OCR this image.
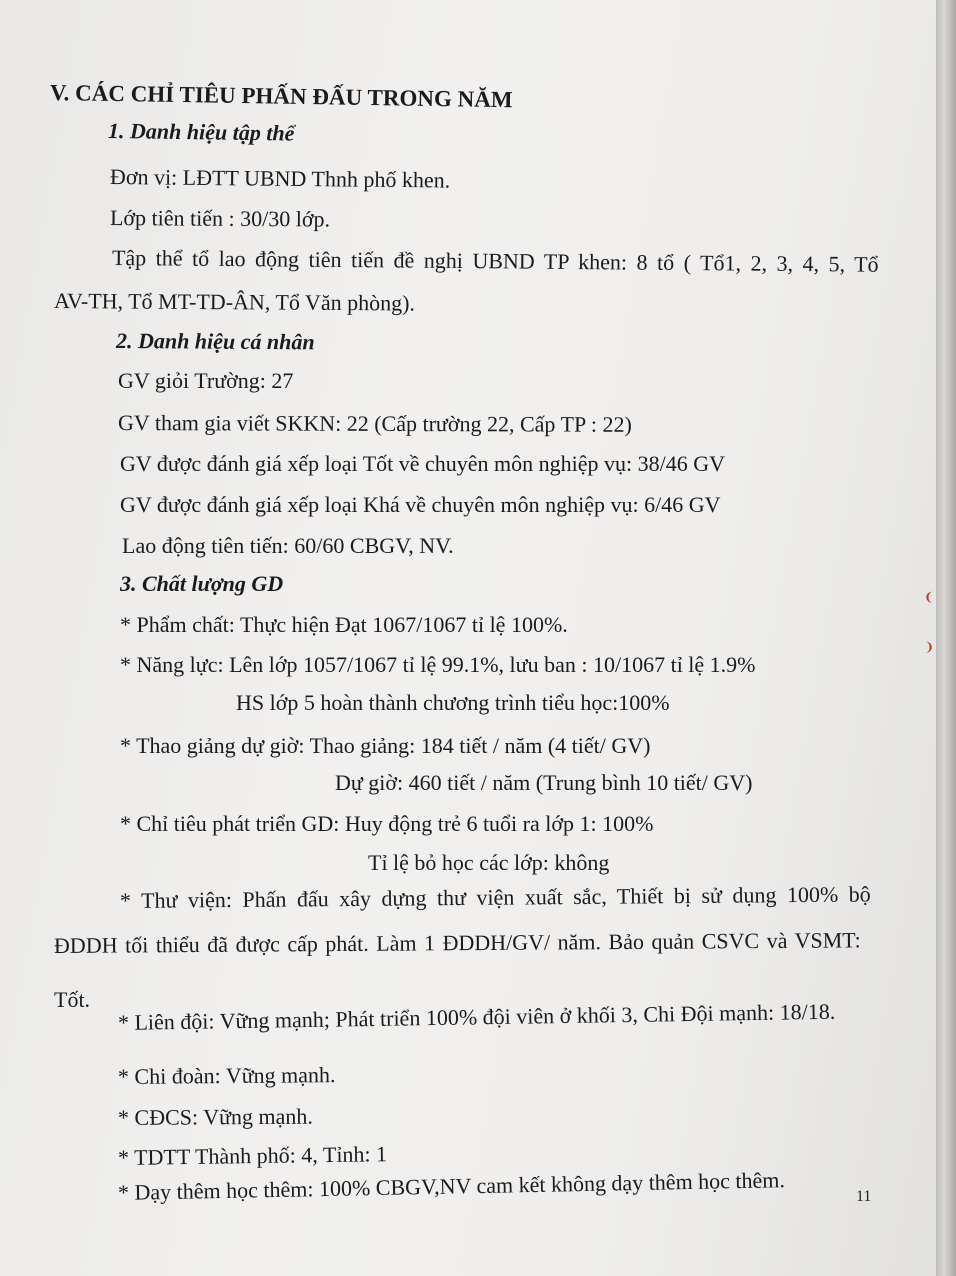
V. CÁC CHỈ TIÊU PHẤN ĐẤU TRONG NĂM
1. Danh hiệu tập thể
Đơn vị: LĐTT UBND Thnh phố khen.
Lớp tiên tiến : 30/30 lớp.
Tập thể tổ lao động tiên tiến đề nghị UBND TP khen: 8 tổ ( Tổ1, 2, 3, 4, 5, Tổ
AV-TH, Tổ MT-TD-ÂN, Tổ Văn phòng).
2. Danh hiệu cá nhân
GV giỏi Trường: 27
GV tham gia viết SKKN: 22 (Cấp trường 22, Cấp TP : 22)
GV được đánh giá xếp loại Tốt về chuyên môn nghiệp vụ: 38/46 GV
GV được đánh giá xếp loại Khá về chuyên môn nghiệp vụ: 6/46 GV
Lao động tiên tiến: 60/60 CBGV, NV.
3. Chất lượng GD
* Phẩm chất: Thực hiện Đạt 1067/1067 tỉ lệ 100%.
* Năng lực: Lên lớp 1057/1067 tỉ lệ 99.1%, lưu ban : 10/1067 tỉ lệ 1.9%
HS lớp 5 hoàn thành chương trình tiểu học:100%
* Thao giảng dự giờ: Thao giảng: 184 tiết / năm (4 tiết/ GV)
Dự giờ: 460 tiết / năm (Trung bình 10 tiết/ GV)
* Chỉ tiêu phát triển GD: Huy động trẻ 6 tuổi ra lớp 1: 100%
Tỉ lệ bỏ học các lớp: không
* Thư viện: Phấn đấu xây dựng thư viện xuất sắc, Thiết bị sử dụng 100% bộ
ĐDDH tối thiểu đã được cấp phát. Làm 1 ĐDDH/GV/ năm. Bảo quản CSVC và VSMT:
Tốt. * Liên đội: Vững mạnh; Phát triển 100% đội viên ở khối 3, Chi Đội mạnh: 18/18.
* Chi đoàn: Vững mạnh.
* CĐCS: Vững mạnh.
* TDTT Thành phố: 4, Tỉnh: 1
* Dạy thêm học thêm: 100% CBGV,NV cam kết không dạy thêm học thêm.	11
❨
❩
